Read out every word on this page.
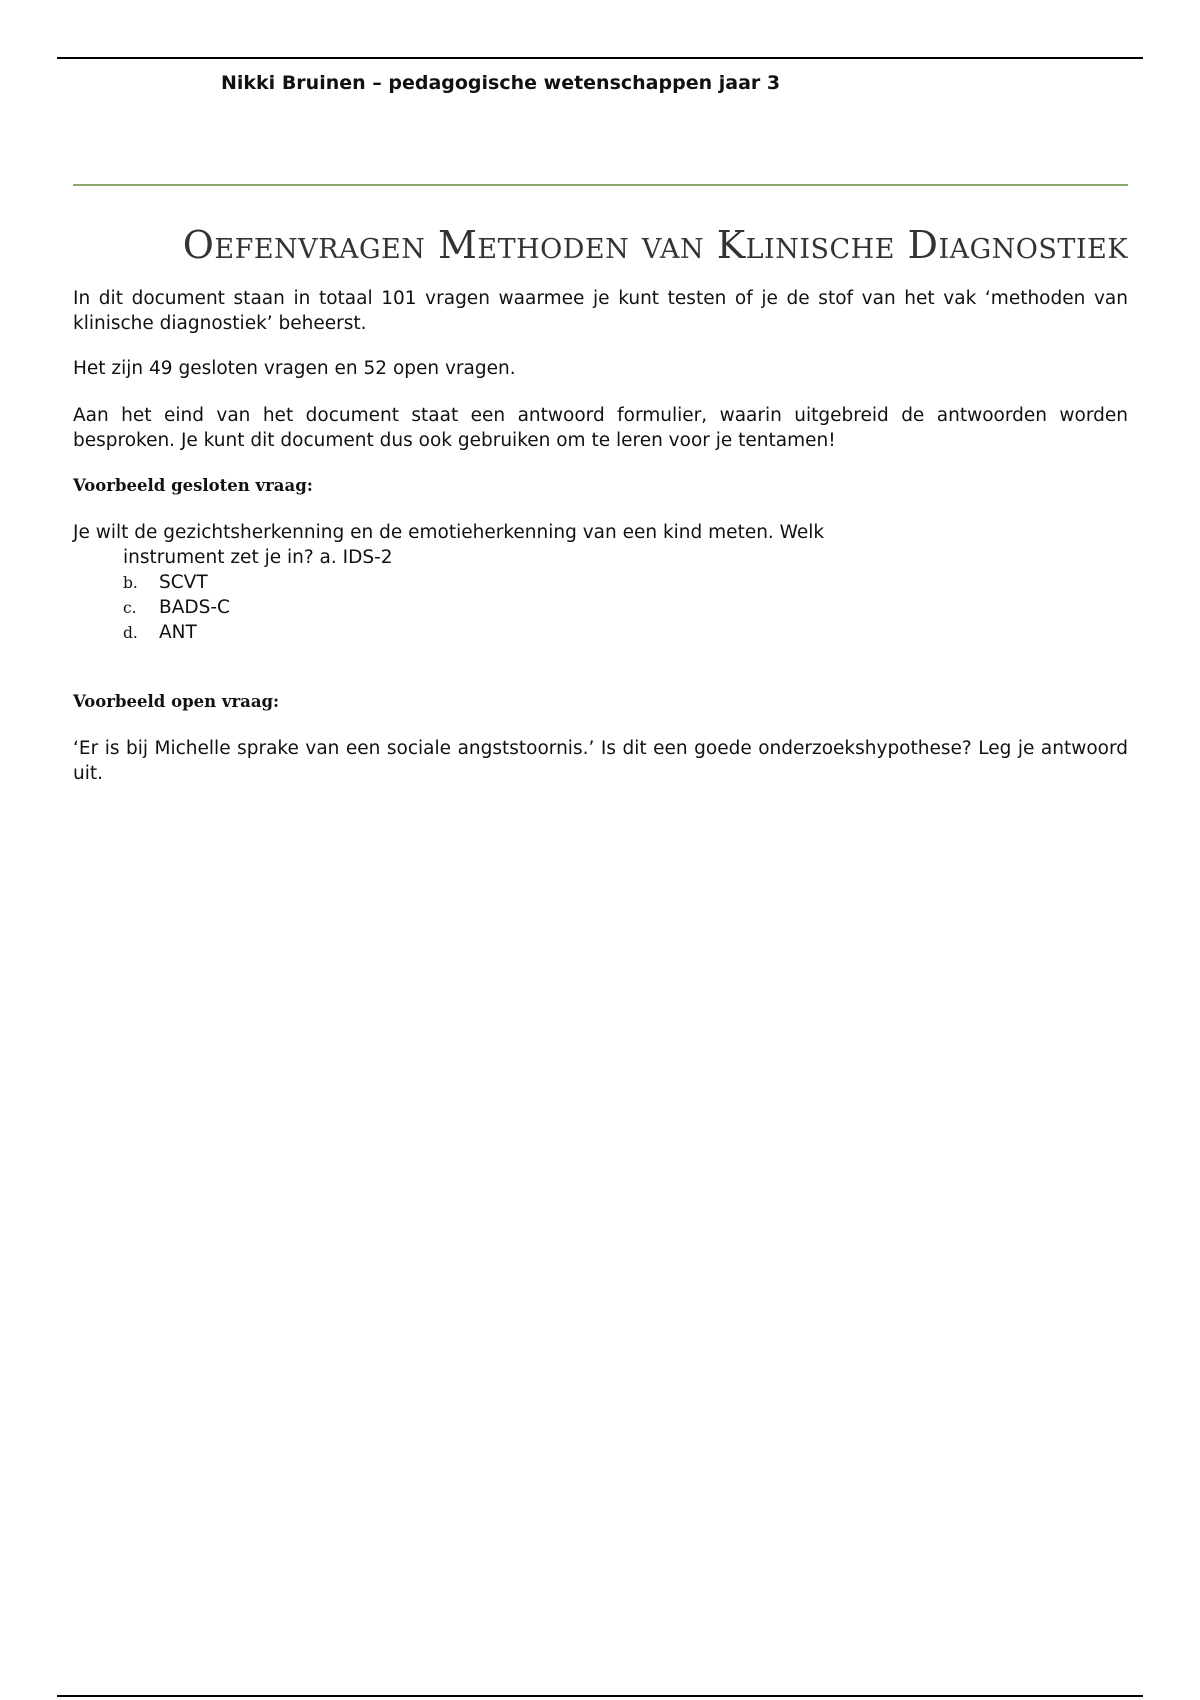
Nikki Bruinen – pedagogische wetenschappen jaar 3
Oefenvragen Methoden van Klinische Diagnostiek

In dit document staan in totaal 101 vragen waarmee je kunt testen of je de stof van het vak ‘methoden van klinische diagnostiek’ beheerst.

Het zijn 49 gesloten vragen en 52 open vragen.

Aan het eind van het document staat een antwoord formulier, waarin uitgebreid de antwoorden worden besproken. Je kunt dit document dus ook gebruiken om te leren voor je tentamen!

Voorbeeld gesloten vraag:
Je wilt de gezichtsherkenning en de emotieherkenning van een kind meten. Welk
instrument zet je in? a. IDS-2
b. SCVT
c. BADS-C
d. ANT
Voorbeeld open vraag:

‘Er is bij Michelle sprake van een sociale angststoornis.’ Is dit een goede onderzoekshypothese? Leg je antwoord uit.
